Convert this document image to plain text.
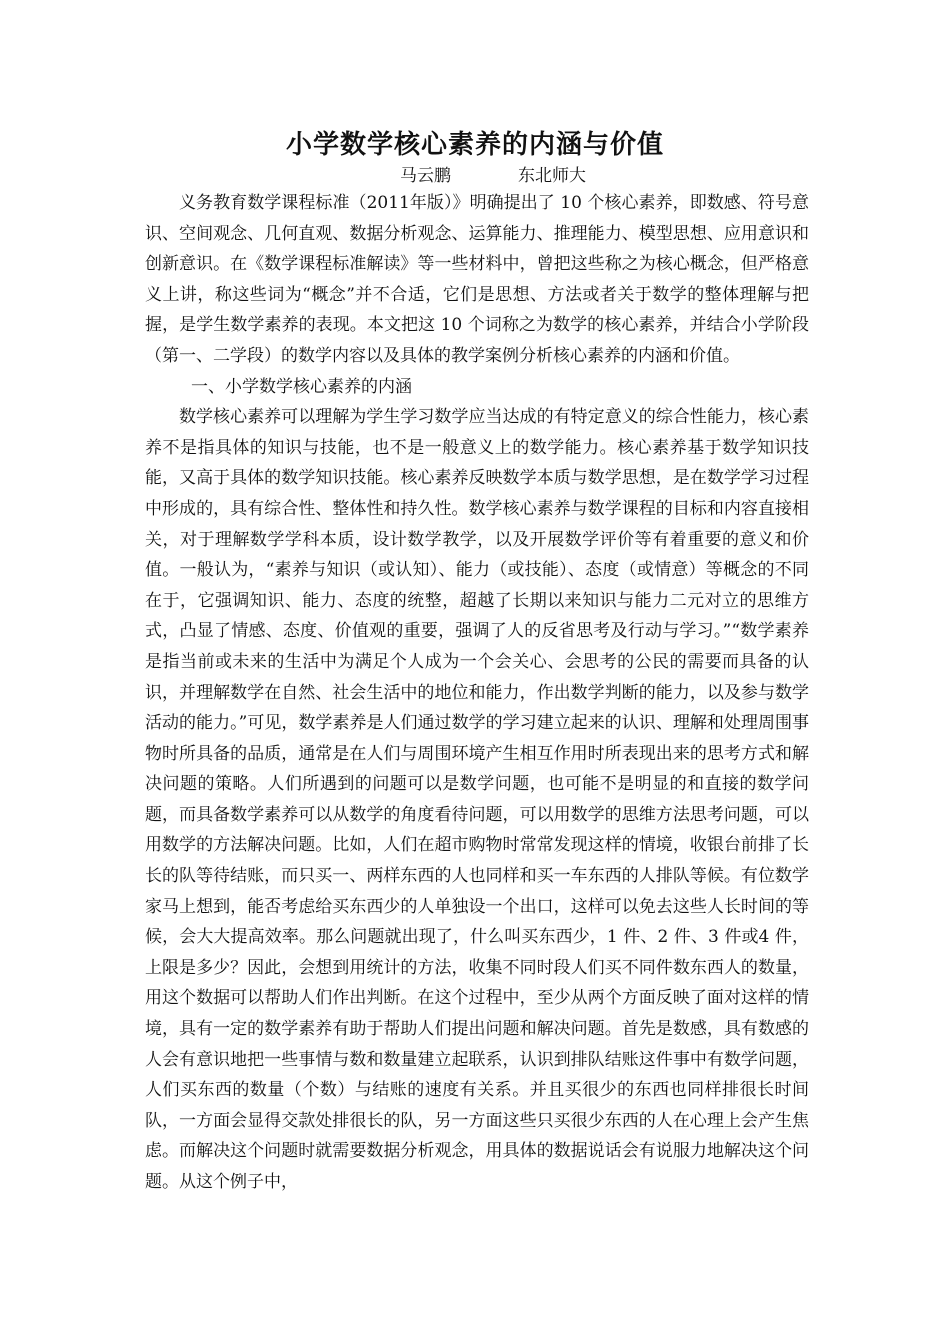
小学数学核心素养的内涵与价值
马云鹏	东北师大

义务教育数学课程标准（2011年版）》明确提出了 10 个核心素养，即数感、符号意识、空间观念、几何直观、数据分析观念、运算能力、推理能力、模型思想、应用意识和创新意识。在《数学课程标准解读》等一些材料中，曾把这些称之为核心概念，但严格意义上讲，称这些词为“概念”并不合适，它们是思想、方法或者关于数学的整体理解与把握，是学生数学素养的表现。本文把这 10 个词称之为数学的核心素养，并结合小学阶段（第一、二学段）的数学内容以及具体的教学案例分析核心素养的内涵和价值。

一、小学数学核心素养的内涵

数学核心素养可以理解为学生学习数学应当达成的有特定意义的综合性能力，核心素养不是指具体的知识与技能，也不是一般意义上的数学能力。核心素养基于数学知识技能，又高于具体的数学知识技能。核心素养反映数学本质与数学思想，是在数学学习过程中形成的，具有综合性、整体性和持久性。数学核心素养与数学课程的目标和内容直接相关，对于理解数学学科本质，设计数学教学，以及开展数学评价等有着重要的意义和价值。一般认为，“素养与知识（或认知）、能力（或技能）、态度（或情意）等概念的不同在于，它强调知识、能力、态度的统整，超越了长期以来知识与能力二元对立的思维方式，凸显了情感、态度、价值观的重要，强调了人的反省思考及行动与学习。”“数学素养是指当前或未来的生活中为满足个人成为一个会关心、会思考的公民的需要而具备的认识，并理解数学在自然、社会生活中的地位和能力，作出数学判断的能力，以及参与数学活动的能力。”可见，数学素养是人们通过数学的学习建立起来的认识、理解和处理周围事物时所具备的品质，通常是在人们与周围环境产生相互作用时所表现出来的思考方式和解决问题的策略。人们所遇到的问题可以是数学问题，也可能不是明显的和直接的数学问题，而具备数学素养可以从数学的角度看待问题，可以用数学的思维方法思考问题，可以用数学的方法解决问题。比如，人们在超市购物时常常发现这样的情境，收银台前排了长长的队等待结账，而只买一、两样东西的人也同样和买一车东西的人排队等候。有位数学家马上想到，能否考虑给买东西少的人单独设一个出口，这样可以免去这些人长时间的等候，会大大提高效率。那么问题就出现了，什么叫买东西少，1 件、2 件、3 件或4 件，上限是多少？因此，会想到用统计的方法，收集不同时段人们买不同件数东西人的数量，用这个数据可以帮助人们作出判断。在这个过程中，至少从两个方面反映了面对这样的情境，具有一定的数学素养有助于帮助人们提出问题和解决问题。首先是数感，具有数感的人会有意识地把一些事情与数和数量建立起联系，认识到排队结账这件事中有数学问题，人们买东西的数量（个数）与结账的速度有关系。并且买很少的东西也同样排很长时间队，一方面会显得交款处排很长的队，另一方面这些只买很少东西的人在心理上会产生焦虑。而解决这个问题时就需要数据分析观念，用具体的数据说话会有说服力地解决这个问题。从这个例子中，
